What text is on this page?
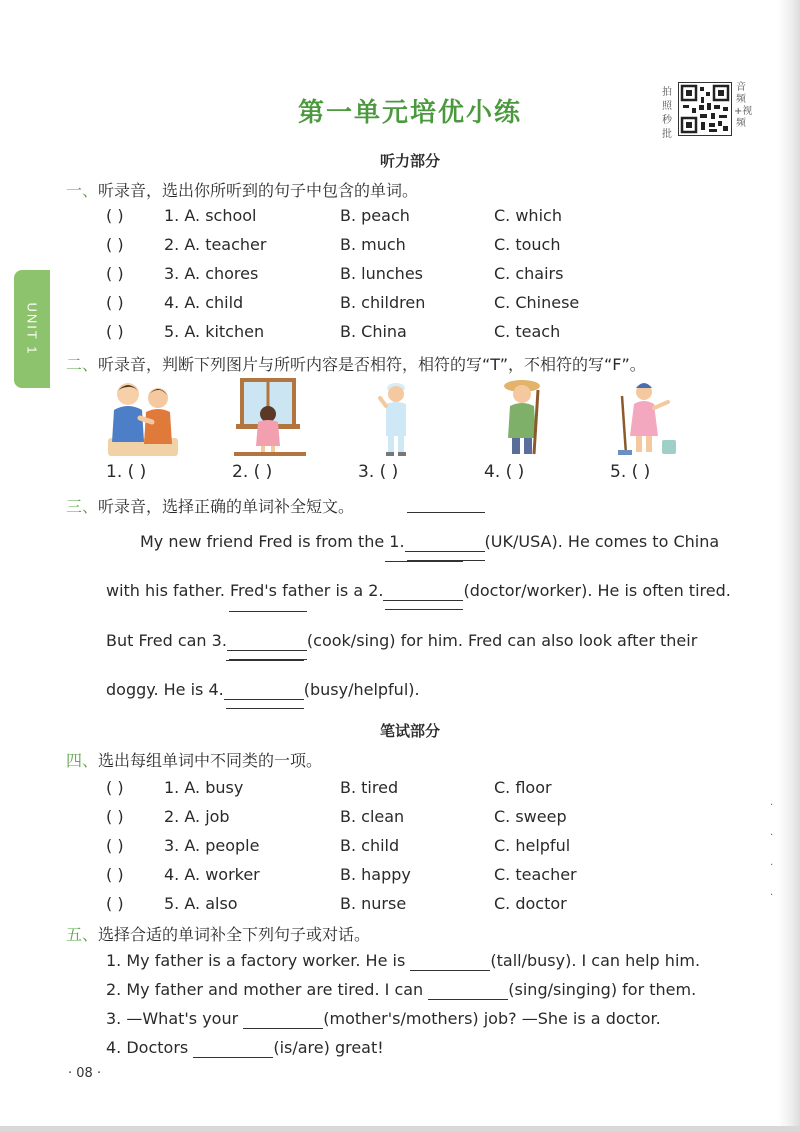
UNIT 1
第一单元培优小练
拍照秒批
音频+视频
听力部分
一、听录音，选出你所听到的句子中包含的单词。
( )	1. A. school	B. peach	C. which
( )	2. A. teacher	B. much	C. touch
( )	3. A. chores	B. lunches	C. chairs
( )	4. A. child	B. children	C. Chinese
( )	5. A. kitchen	B. China	C. teach
二、听录音，判断下列图片与所听内容是否相符，相符的写“T”，不相符的写“F”。
1. ( )	2. ( )	3. ( )	4. ( )	5. ( )
三、听录音，选择正确的单词补全短文。
My new friend Fred is from the 1.
	(UK/USA). He comes to China
with his father. Fred's father is a 2.
	(doctor/worker). He is often tired.
But Fred can 3.
	(cook/sing) for him. Fred can also look after their
doggy. He is 4.
	(busy/helpful).
笔试部分
四、选出每组单词中不同类的一项。
( )	1. A. busy	B. tired	C. floor
( )	2. A. job	B. clean	C. sweep
( )	3. A. people	B. child	C. helpful
( )	4. A. worker	B. happy	C. teacher
( )	5. A. also	B. nurse	C. doctor
五、选择合适的单词补全下列句子或对话。
1. My father is a factory worker. He is	(tall/busy). I can help him.
2. My father and mother are tired. I can	(sing/singing) for them.
3. —What's your	(mother's/mothers) job? —She is a doctor.
4. Doctors	(is/are) great!
· 08 ·
·
·
·
·
